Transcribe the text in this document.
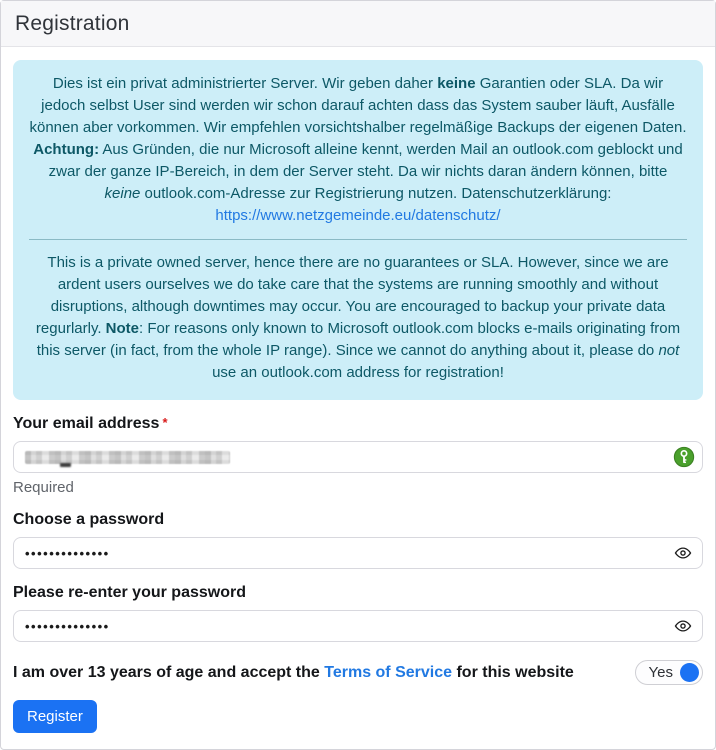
Registration

Dies ist ein privat administrierter Server. Wir geben daher keine Garantien oder SLA. Da wir jedoch selbst User sind werden wir schon darauf achten dass das System sauber läuft, Ausfälle können aber vorkommen. Wir empfehlen vorsichtshalber regelmäßige Backups der eigenen Daten. Achtung: Aus Gründen, die nur Microsoft alleine kennt, werden Mail an outlook.com geblockt und zwar der ganze IP-Bereich, in dem der Server steht. Da wir nichts daran ändern können, bitte keine outlook.com-Adresse zur Registrierung nutzen. Datenschutzerklärung: https://www.netzgemeinde.eu/datenschutz/

This is a private owned server, hence there are no guarantees or SLA. However, since we are ardent users ourselves we do take care that the systems are running smoothly and without disruptions, although downtimes may occur. You are encouraged to backup your private data regurlarly. Note: For reasons only known to Microsoft outlook.com blocks e-mails originating from this server (in fact, from the whole IP range). Since we cannot do anything about it, please do not use an outlook.com address for registration!

Your email address *
Required
Choose a password
••••••••••••••
Please re-enter your password
••••••••••••••
I am over 13 years of age and accept the Terms of Service for this website	Yes
Register
